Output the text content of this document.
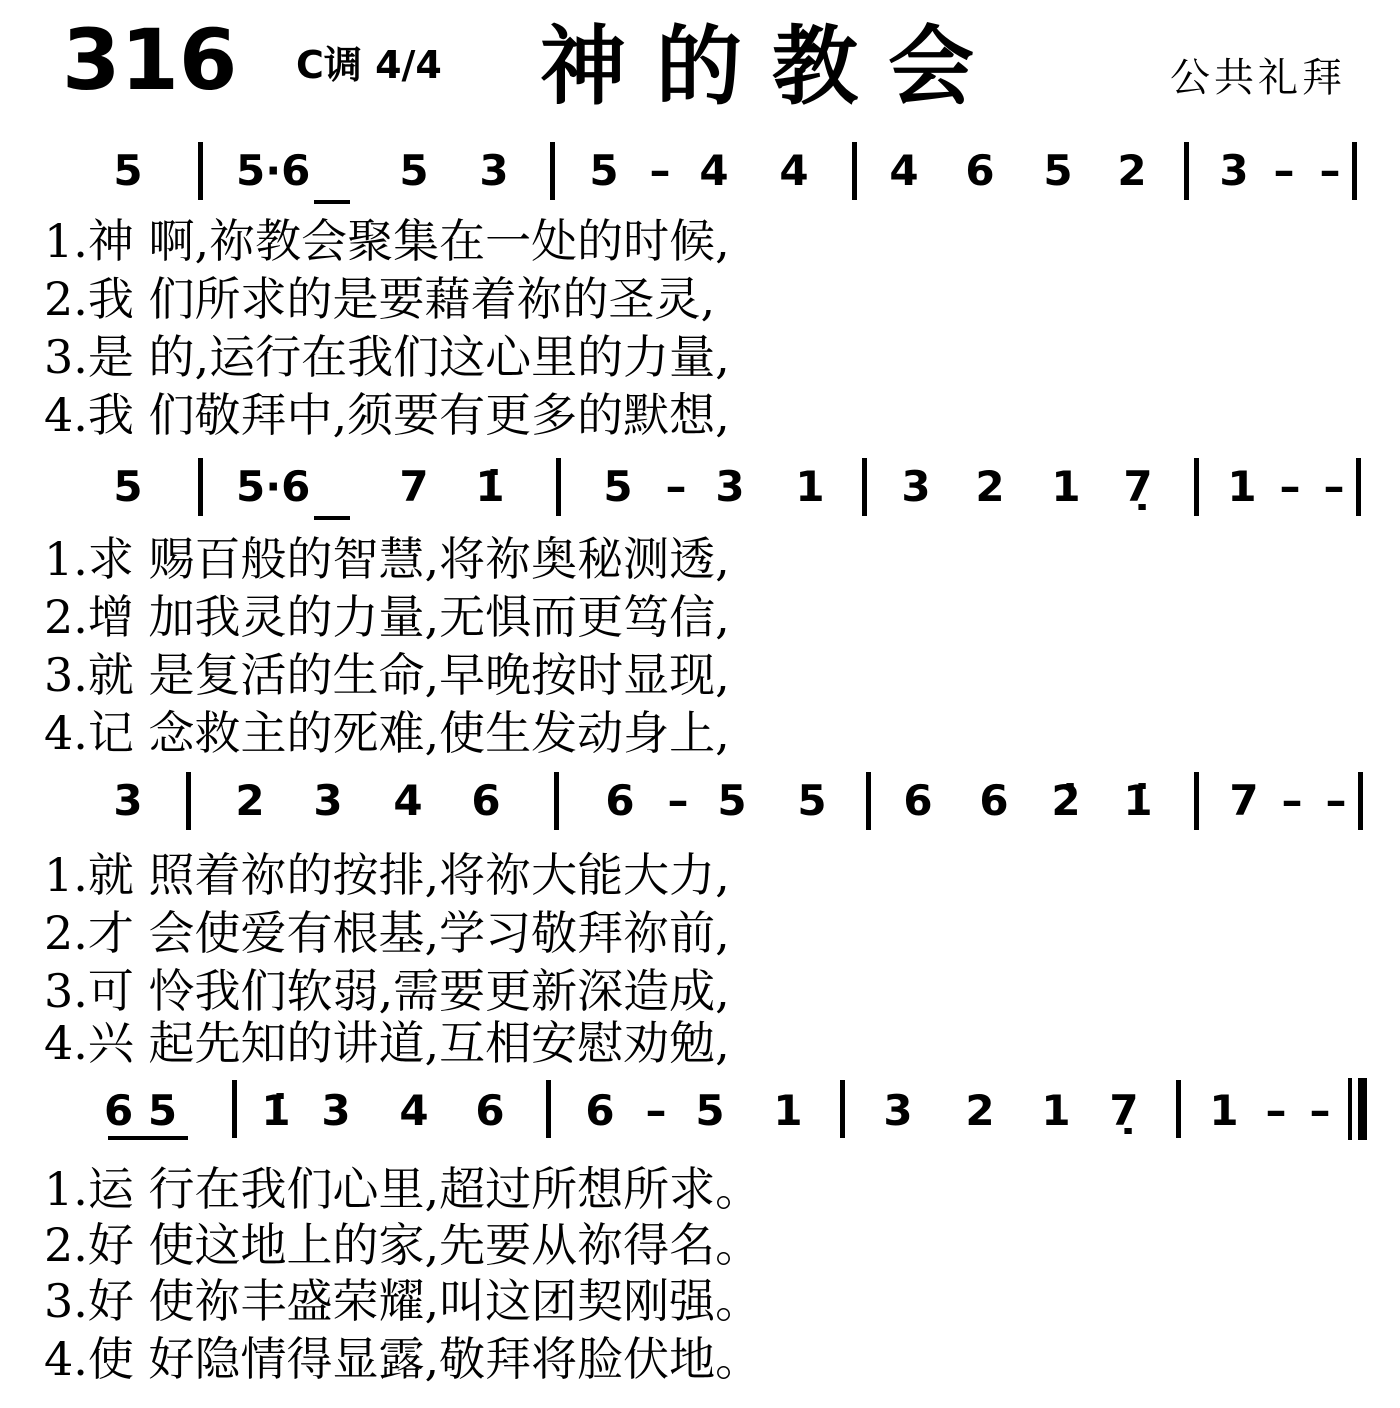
316 C调 4/4 神的教会	公共礼拜
5 5·6	5 3 5 – 4 4 4 6 5 2 3 – –
1.神 啊,祢教会聚集在一处的时候,
2.我 们所求的是要藉着祢的圣灵,
3.是 的,运行在我们这心里的力量,
4.我 们敬拜中,须要有更多的默想,
5 5·6	7 1̇ 5 – 3 1 3 2 1 7̣ 1 – –
1.求 赐百般的智慧,将祢奥秘测透,
2.增 加我灵的力量,无惧而更笃信,
3.就 是复活的生命,早晚按时显现,
4.记 念救主的死难,使生发动身上,
3 2 3 4 6 6 – 5 5 6 6 2̇ 1̇ 7 – –
1.就 照着祢的按排,将祢大能大力,
2.才 会使爱有根基,学习敬拜祢前,
3.可 怜我们软弱,需要更新深造成,
4.兴 起先知的讲道,互相安慰劝勉,
6 5	1̇ 3 4 6 6 – 5 1 3 2 1 7̣ 1 – –
1.运 行在我们心里,超过所想所求。
2.好 使这地上的家,先要从祢得名。
3.好 使祢丰盛荣耀,叫这团契刚强。
4.使 好隐情得显露,敬拜将脸伏地。
